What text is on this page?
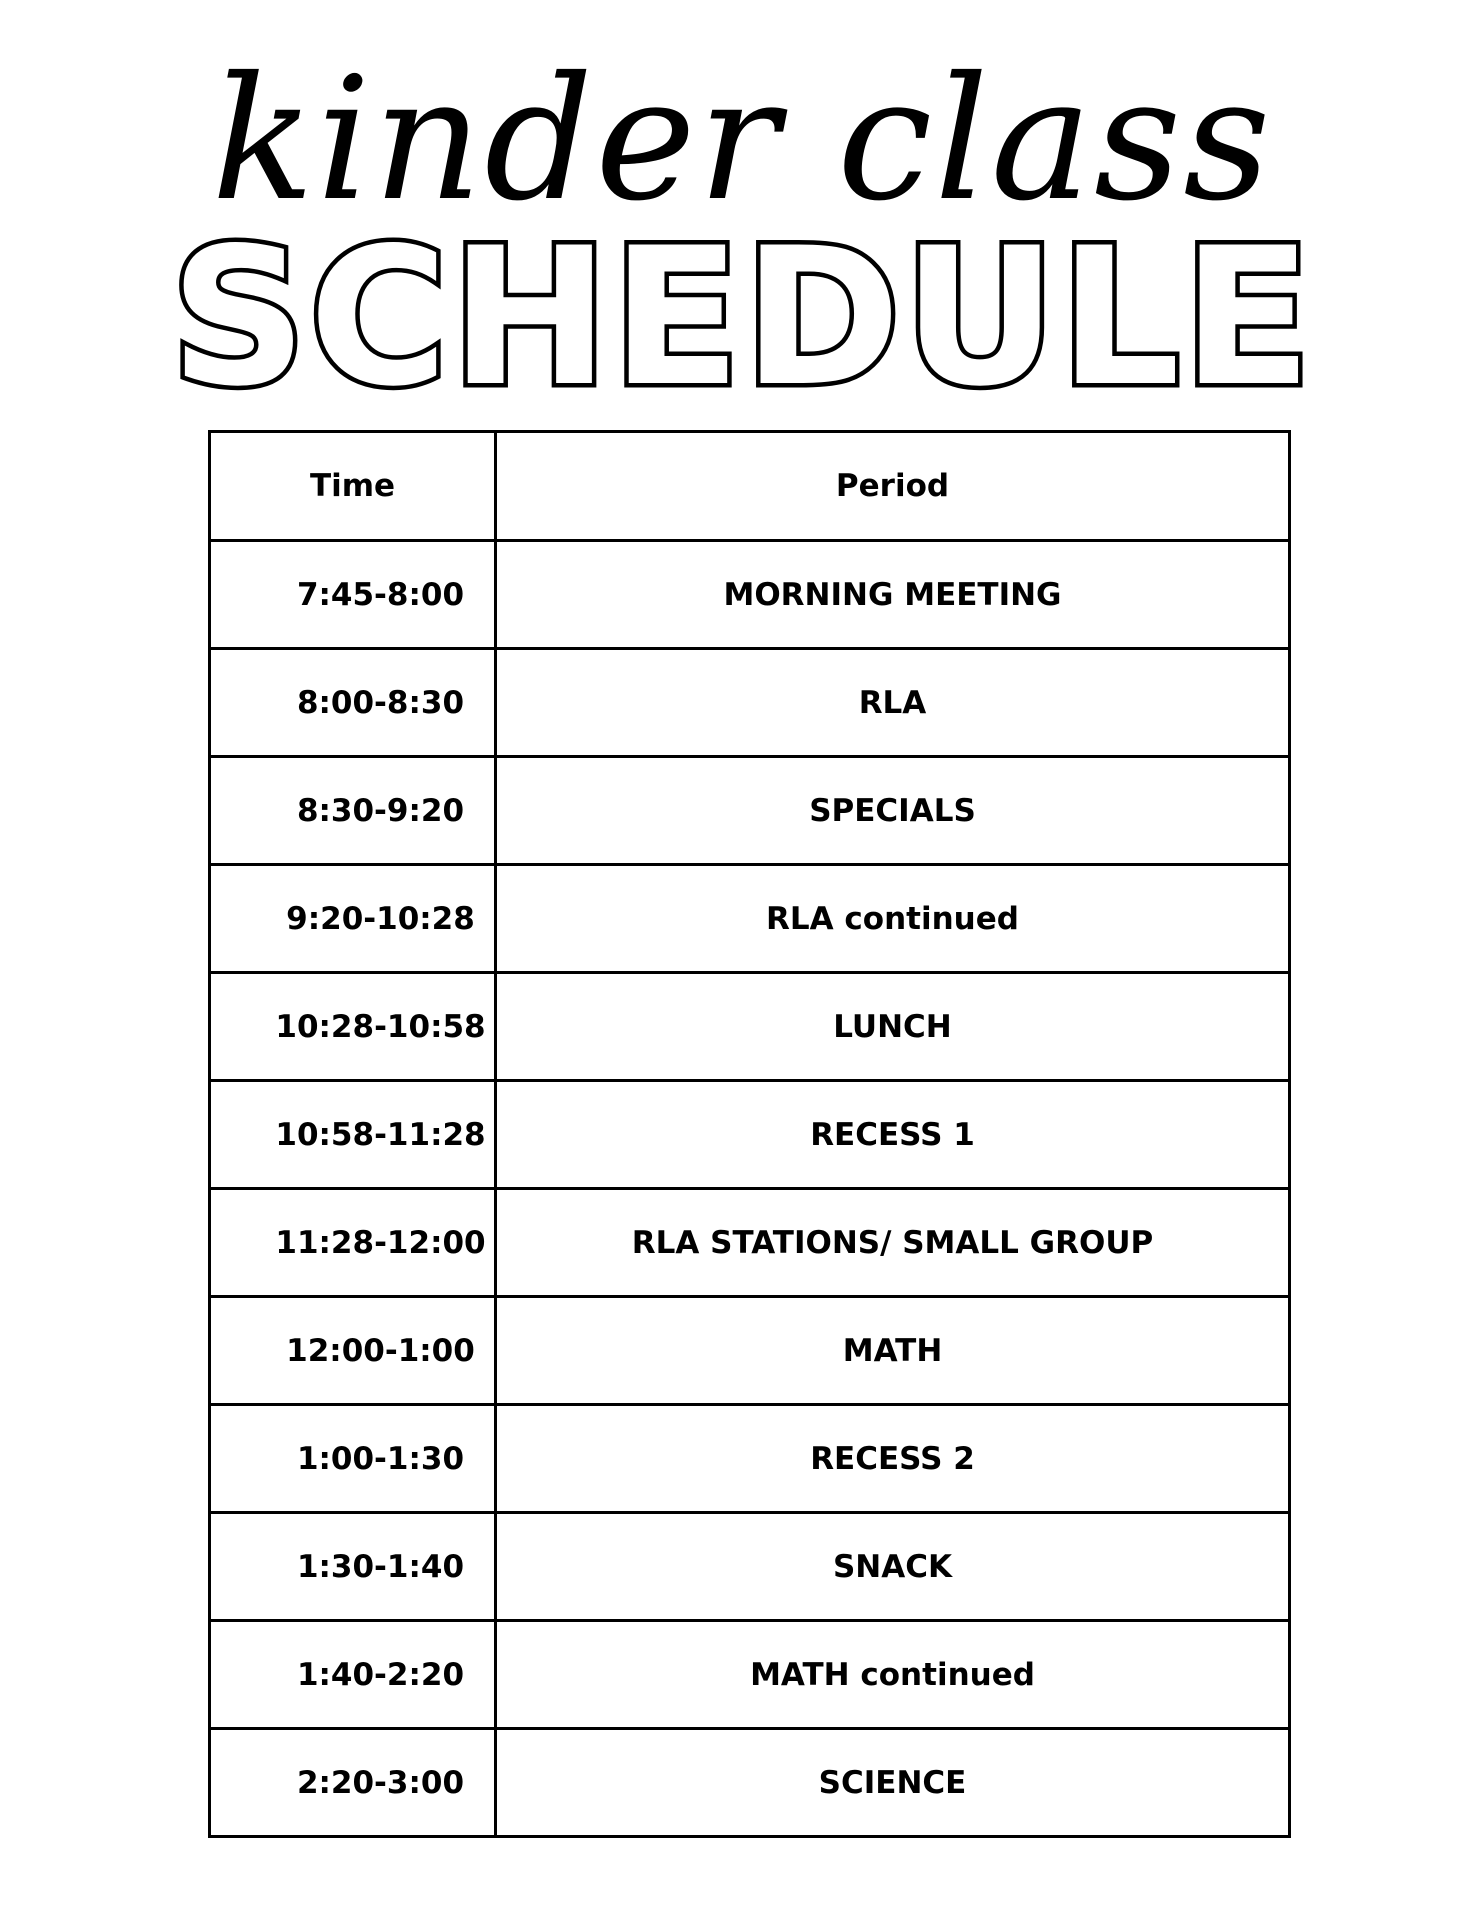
kinder class
SCHEDULE
Time	Period
7:45-8:00	MORNING MEETING
8:00-8:30	RLA
8:30-9:20	SPECIALS
9:20-10:28	RLA continued
10:28-10:58	LUNCH
10:58-11:28	RECESS 1
11:28-12:00	RLA STATIONS/ SMALL GROUP
12:00-1:00	MATH
1:00-1:30	RECESS 2
1:30-1:40	SNACK
1:40-2:20	MATH continued
2:20-3:00	SCIENCE
